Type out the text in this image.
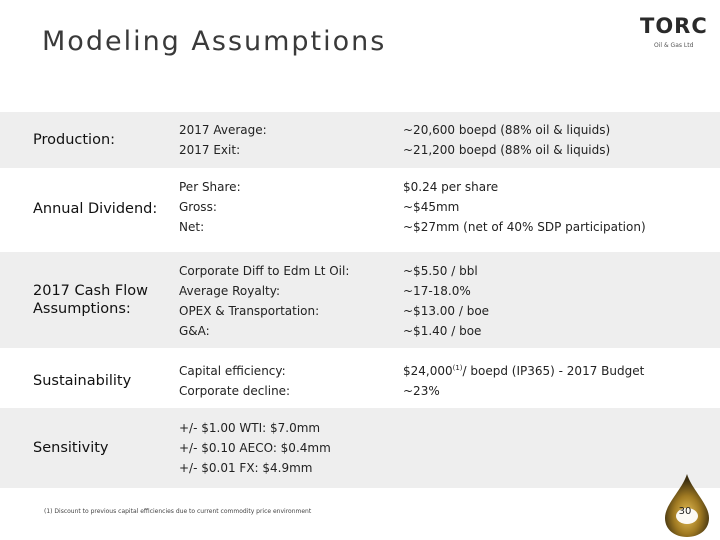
Modeling Assumptions	TORC
Oil & Gas Ltd
Production:
2017 Average:
2017 Exit:
~20,600 boepd (88% oil & liquids)
~21,200 boepd (88% oil & liquids)
Annual Dividend:
Per Share:
Gross:
Net:
$0.24 per share
~$45mm
~$27mm (net of 40% SDP participation)
2017 Cash Flow Assumptions:
Corporate Diff to Edm Lt Oil:
Average Royalty:
OPEX & Transportation:
G&A:
~$5.50 / bbl
~17-18.0%
~$13.00 / boe
~$1.40 / boe
Sustainability
Capital efficiency:
Corporate decline:
$24,000$^{(1)}$/ boepd (IP365) - 2017 Budget
~23%
Sensitivity
+/- $1.00 WTI: $7.0mm
+/- $0.10 AECO: $0.4mm
+/- $0.01 FX: $4.9mm
(1) Discount to previous capital efficiencies due to current commodity price environment	30
